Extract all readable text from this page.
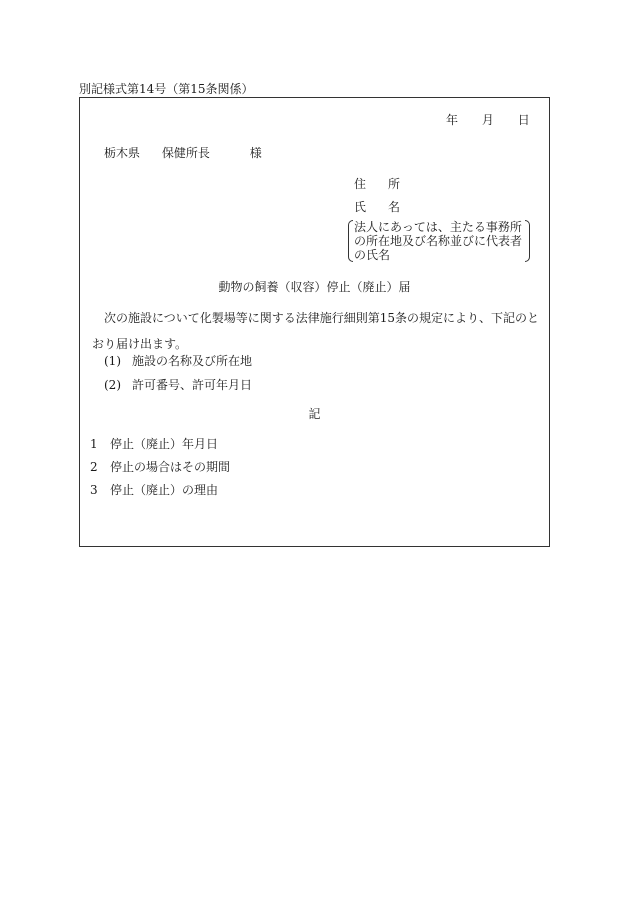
別記様式第14号（第15条関係）
年 月 日
栃木県 保健所長	様
住 所
氏 名
法人にあっては、主たる事務所の所在地及び名称並びに代表者の氏名
動物の飼養（収容）停止（廃止）届
次の施設について化製場等に関する法律施行細則第15条の規定により、下記のとおり届け出ます。
(1) 施設の名称及び所在地
(2) 許可番号、許可年月日
記
1 停止（廃止）年月日
2 停止の場合はその期間
3 停止（廃止）の理由
